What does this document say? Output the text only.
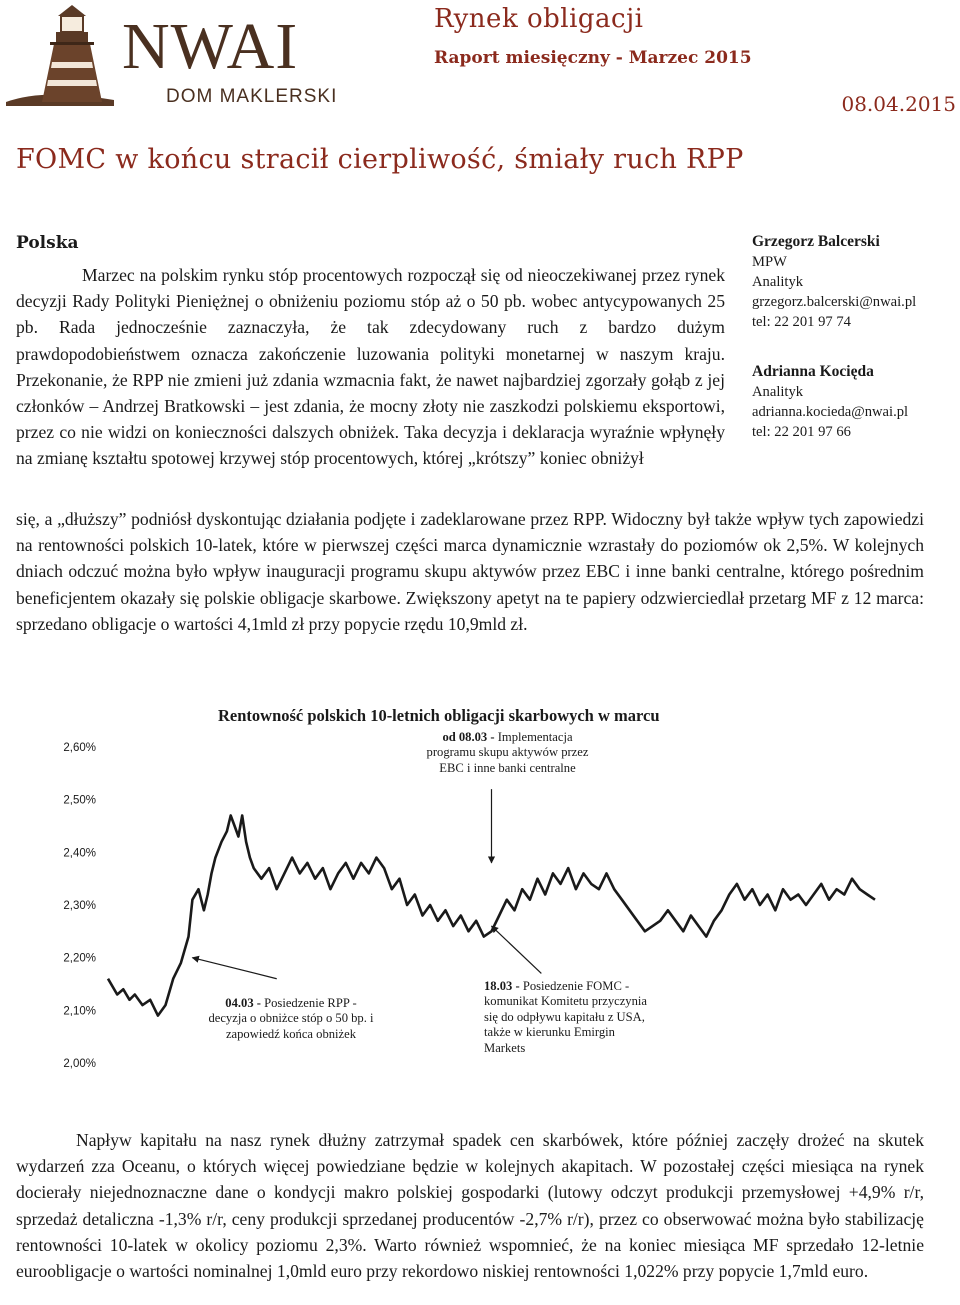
NWAI
DOM MAKLERSKI
Rynek obligacji
Raport miesięczny - Marzec 2015
08.04.2015
FOMC w końcu stracił cierpliwość, śmiały ruch RPP
Polska
Marzec na polskim rynku stóp procentowych rozpoczął się od nieoczekiwanej przez rynek decyzji Rady Polityki Pieniężnej o obniżeniu poziomu stóp aż o 50 pb. wobec antycypowanych 25 pb. Rada jednocześnie zaznaczyła, że tak zdecydowany ruch z bardzo dużym prawdopodobieństwem oznacza zakończenie luzowania polityki monetarnej w naszym kraju. Przekonanie, że RPP nie zmieni już zdania wzmacnia fakt, że nawet najbardziej zgorzały gołąb z jej członków – Andrzej Bratkowski – jest zdania, że mocny złoty nie zaszkodzi polskiemu eksportowi, przez co nie widzi on konieczności dalszych obniżek. Taka decyzja i deklaracja wyraźnie wpłynęły na zmianę kształtu spotowej krzywej stóp procentowych, której „krótszy” koniec obniżył
się, a „dłuższy” podniósł dyskontując działania podjęte i zadeklarowane przez RPP. Widoczny był także wpływ tych zapowiedzi na rentowności polskich 10-latek, które w pierwszej części marca dynamicznie wzrastały do poziomów ok 2,5%. W kolejnych dniach odczuć można było wpływ inauguracji programu skupu aktywów przez EBC i inne banki centralne, którego pośrednim beneficjentem okazały się polskie obligacje skarbowe. Zwiększony apetyt na te papiery odzwierciedlał przetarg MF z 12 marca: sprzedano obligacje o wartości 4,1mld zł przy popycie rzędu 10,9mld zł.
Grzegorz Balcerski
MPW
Analityk
grzegorz.balcerski@nwai.pl
tel: 22 201 97 74
Adrianna Kocięda
Analityk
adrianna.kocieda@nwai.pl
tel: 22 201 97 66
Rentowność polskich 10-letnich obligacji skarbowych w marcu
2,00%
2,10%
2,20%
2,30%
2,40%
2,50%
2,60%
od 08.03 - Implementacja programu skupu aktywów przez EBC i inne banki centralne
04.03 - Posiedzenie RPP - decyzja o obniżce stóp o 50 bp. i zapowiedź końca obniżek
18.03 - Posiedzenie FOMC - komunikat Komitetu przyczynia się do odpływu kapitału z USA, także w kierunku Emirgin Markets
Napływ kapitału na nasz rynek dłużny zatrzymał spadek cen skarbówek, które później zaczęły drożeć na skutek wydarzeń zza Oceanu, o których więcej powiedziane będzie w kolejnych akapitach. W pozostałej części miesiąca na rynek docierały niejednoznaczne dane o kondycji makro polskiej gospodarki (lutowy odczyt produkcji przemysłowej +4,9% r/r, sprzedaż detaliczna -1,3% r/r, ceny produkcji sprzedanej producentów -2,7% r/r), przez co obserwować można było stabilizację rentowności 10-latek w okolicy poziomu 2,3%. Warto również wspomnieć, że na koniec miesiąca MF sprzedało 12-letnie euroobligacje o wartości nominalnej 1,0mld euro przy rekordowo niskiej rentowności 1,022% przy popycie 1,7mld euro.
